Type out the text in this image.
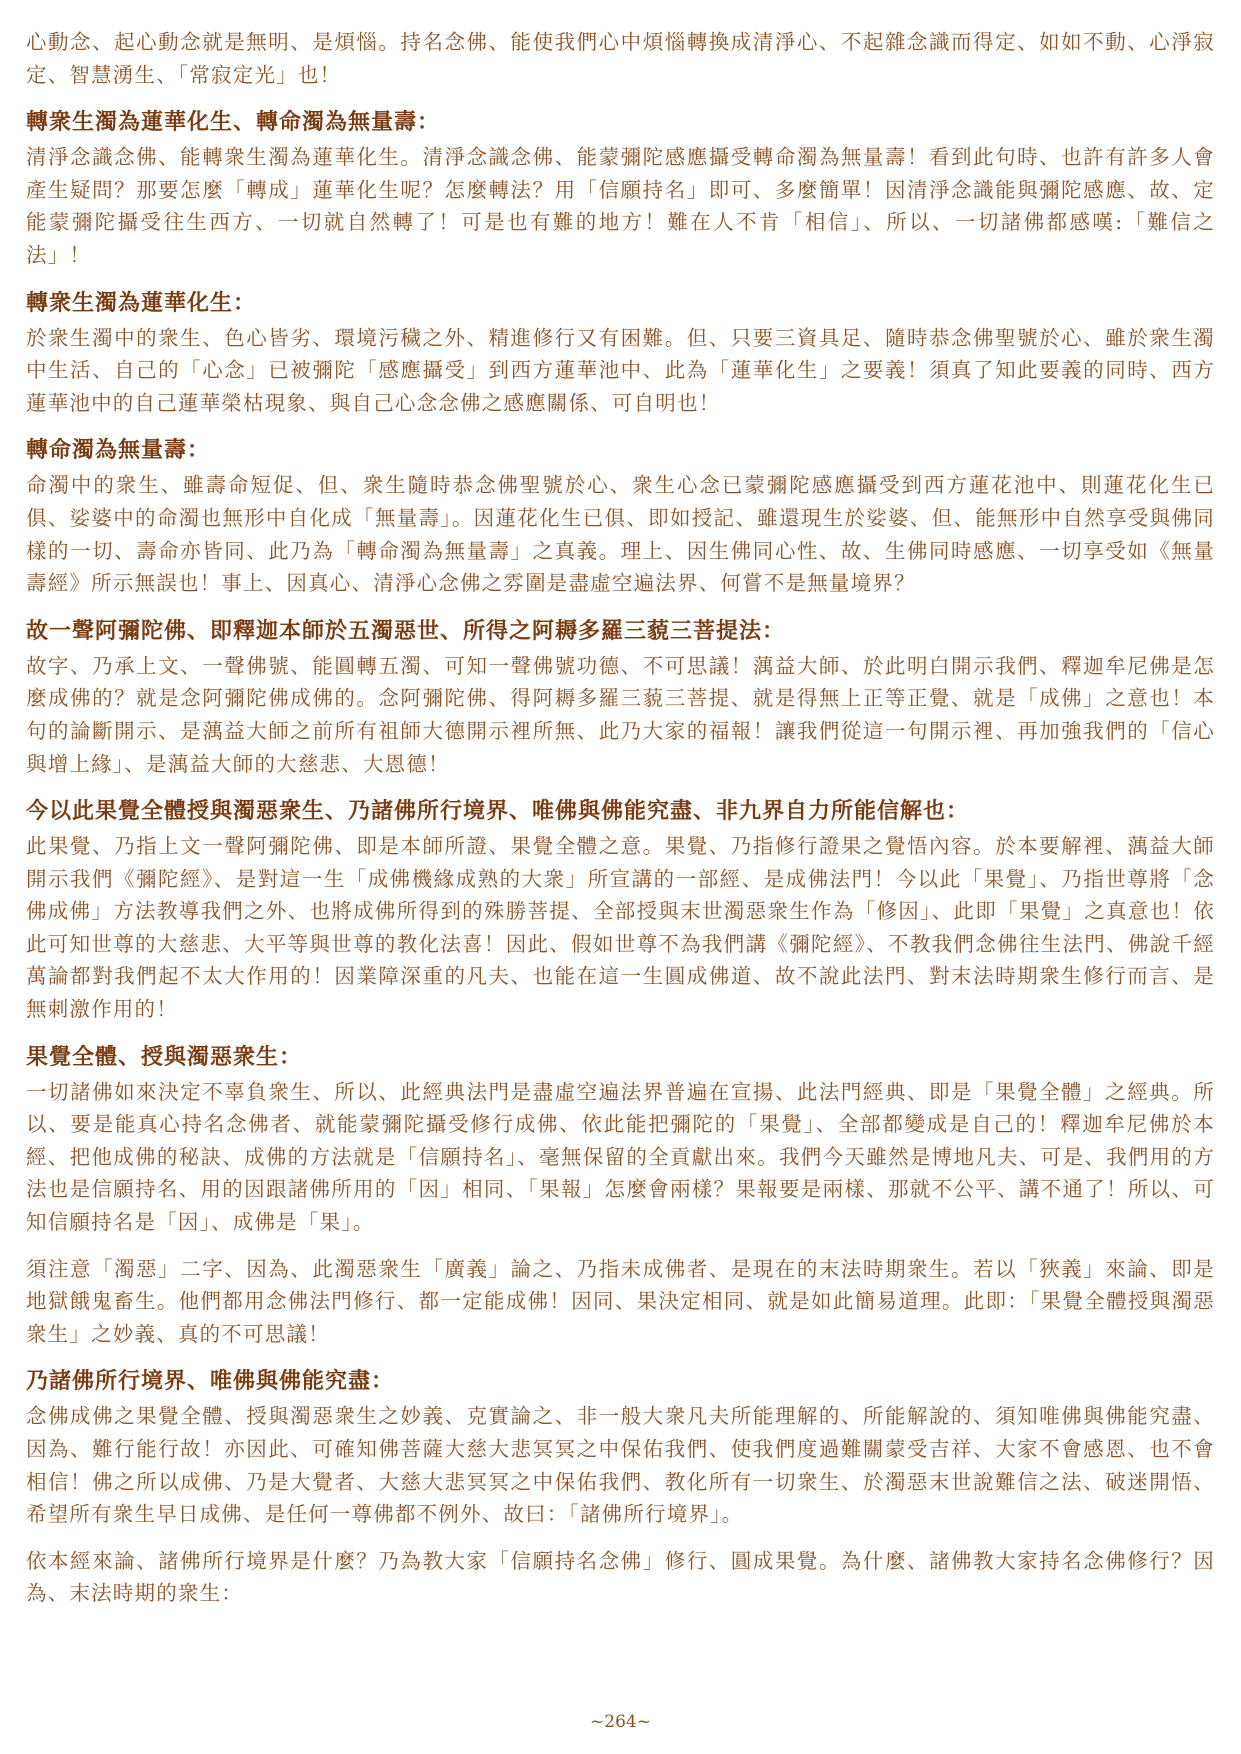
心動念、起心動念就是無明、是煩惱。持名念佛、能使我們心中煩惱轉換成清淨心、不起雜念識而得定、如如不動、心淨寂定、智慧湧生、「常寂定光」也！

轉衆生濁為蓮華化生、轉命濁為無量壽：

清淨念識念佛、能轉衆生濁為蓮華化生。清淨念識念佛、能蒙彌陀感應攝受轉命濁為無量壽！看到此句時、也許有許多人會產生疑問？那要怎麼「轉成」蓮華化生呢？怎麼轉法？用「信願持名」即可、多麼簡單！因清淨念識能與彌陀感應、故、定能蒙彌陀攝受往生西方、一切就自然轉了！可是也有難的地方！難在人不肯「相信」、所以、一切諸佛都感嘆:「難信之法」！

轉衆生濁為蓮華化生：

於衆生濁中的衆生、色心皆劣、環境污穢之外、精進修行又有困難。但、只要三資具足、隨時恭念佛聖號於心、雖於衆生濁中生活、自己的「心念」已被彌陀「感應攝受」到西方蓮華池中、此為「蓮華化生」之要義！須真了知此要義的同時、西方蓮華池中的自己蓮華榮枯現象、與自己心念念佛之感應關係、可自明也！

轉命濁為無量壽：

命濁中的衆生、雖壽命短促、但、衆生隨時恭念佛聖號於心、衆生心念已蒙彌陀感應攝受到西方蓮花池中、則蓮花化生已俱、娑婆中的命濁也無形中自化成「無量壽」。因蓮花化生已俱、即如授記、雖還現生於娑婆、但、能無形中自然享受與佛同樣的一切、壽命亦皆同、此乃為「轉命濁為無量壽」之真義。理上、因生佛同心性、故、生佛同時感應、一切享受如《無量壽經》所示無誤也！事上、因真心、清淨心念佛之雰圍是盡虛空遍法界、何嘗不是無量境界？

故一聲阿彌陀佛、即釋迦本師於五濁惡世、所得之阿耨多羅三藐三菩提法：

故字、乃承上文、一聲佛號、能圓轉五濁、可知一聲佛號功德、不可思議！蕅益大師、於此明白開示我們、釋迦牟尼佛是怎麼成佛的？就是念阿彌陀佛成佛的。念阿彌陀佛、得阿耨多羅三藐三菩提、就是得無上正等正覺、就是「成佛」之意也！本句的論斷開示、是蕅益大師之前所有祖師大德開示裡所無、此乃大家的福報！讓我們從這一句開示裡、再加強我們的「信心與增上緣」、是蕅益大師的大慈悲、大恩德！

今以此果覺全體授與濁惡衆生、乃諸佛所行境界、唯佛與佛能究盡、非九界自力所能信解也：

此果覺、乃指上文一聲阿彌陀佛、即是本師所證、果覺全體之意。果覺、乃指修行證果之覺悟內容。於本要解裡、蕅益大師開示我們《彌陀經》、是對這一生「成佛機緣成熟的大衆」所宣講的一部經、是成佛法門！今以此「果覺」、乃指世尊將「念佛成佛」方法教導我們之外、也將成佛所得到的殊勝菩提、全部授與末世濁惡衆生作為「修因」、此即「果覺」之真意也！依此可知世尊的大慈悲、大平等與世尊的教化法喜！因此、假如世尊不為我們講《彌陀經》、不教我們念佛往生法門、佛說千經萬論都對我們起不太大作用的！因業障深重的凡夫、也能在這一生圓成佛道、故不說此法門、對末法時期衆生修行而言、是無刺激作用的！

果覺全體、授與濁惡衆生：

一切諸佛如來決定不辜負衆生、所以、此經典法門是盡虛空遍法界普遍在宣揚、此法門經典、即是「果覺全體」之經典。所以、要是能真心持名念佛者、就能蒙彌陀攝受修行成佛、依此能把彌陀的「果覺」、全部都變成是自己的！釋迦牟尼佛於本經、把他成佛的秘訣、成佛的方法就是「信願持名」、毫無保留的全貢獻出來。我們今天雖然是博地凡夫、可是、我們用的方法也是信願持名、用的因跟諸佛所用的「因」相同、「果報」怎麼會兩樣？果報要是兩樣、那就不公平、講不通了！所以、可知信願持名是「因」、成佛是「果」。

須注意「濁惡」二字、因為、此濁惡衆生「廣義」論之、乃指未成佛者、是現在的末法時期衆生。若以「狹義」來論、即是地獄餓鬼畜生。他們都用念佛法門修行、都一定能成佛！因同、果決定相同、就是如此簡易道理。此即：「果覺全體授與濁惡衆生」之妙義、真的不可思議！

乃諸佛所行境界、唯佛與佛能究盡：

念佛成佛之果覺全體、授與濁惡衆生之妙義、克實論之、非一般大衆凡夫所能理解的、所能解說的、須知唯佛與佛能究盡、因為、難行能行故！亦因此、可確知佛菩薩大慈大悲冥冥之中保佑我們、使我們度過難關蒙受吉祥、大家不會感恩、也不會相信！佛之所以成佛、乃是大覺者、大慈大悲冥冥之中保佑我們、教化所有一切衆生、於濁惡末世說難信之法、破迷開悟、希望所有衆生早日成佛、是任何一尊佛都不例外、故曰：「諸佛所行境界」。

依本經來論、諸佛所行境界是什麼？乃為教大家「信願持名念佛」修行、圓成果覺。為什麼、諸佛教大家持名念佛修行？因為、末法時期的衆生：

~264~
